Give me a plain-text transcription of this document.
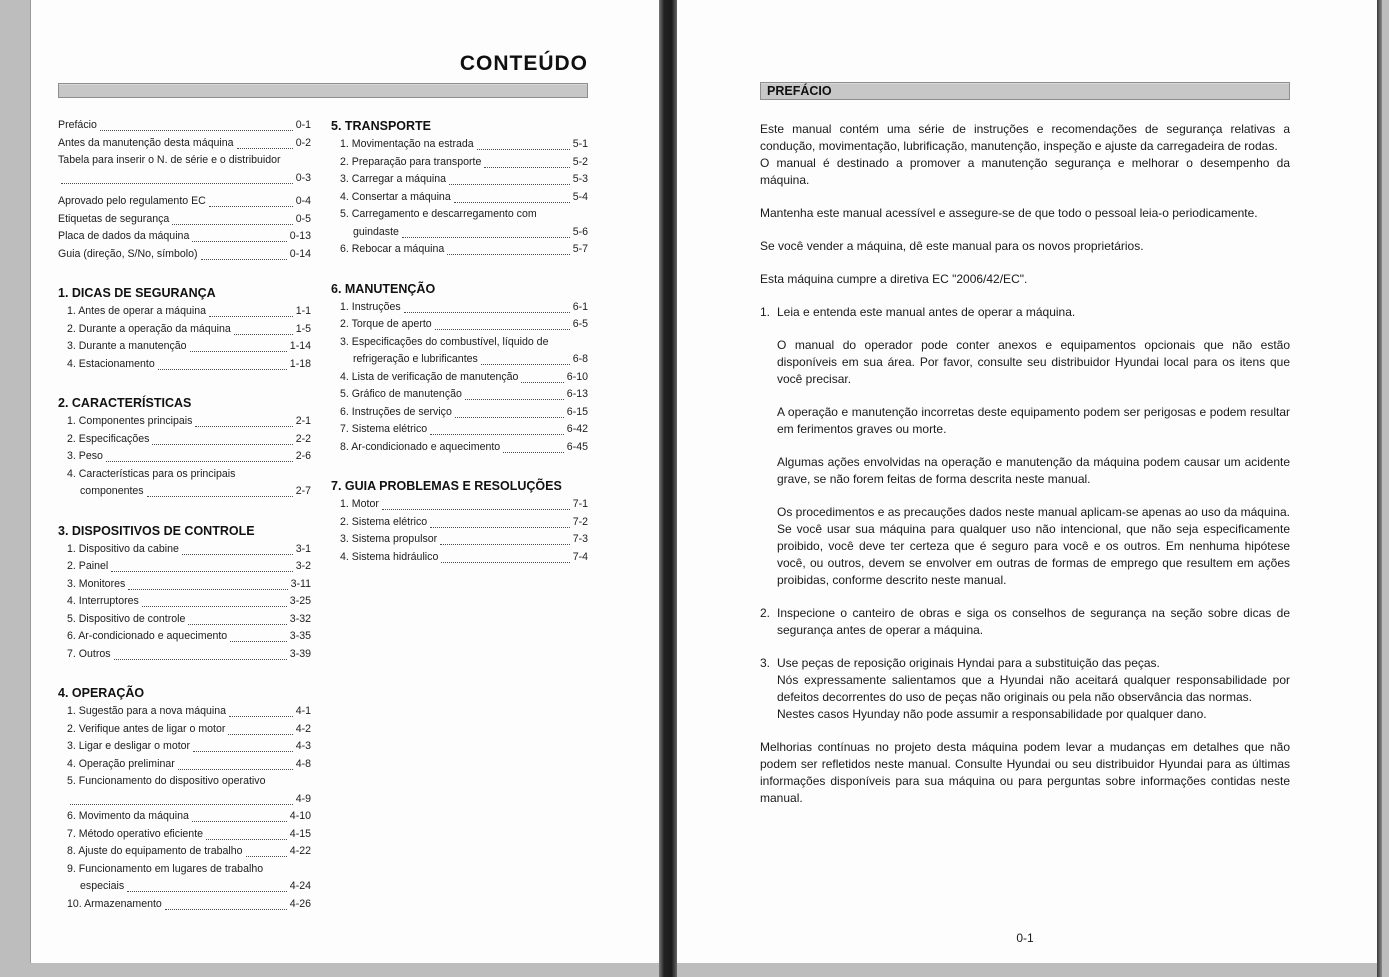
CONTEÚDO
Prefácio	0-1
Antes da manutenção desta máquina	0-2
Tabela para inserir o N. de série e o distribuidor
0-3
Aprovado pelo regulamento EC	0-4
Etiquetas de segurança	0-5
Placa de dados da máquina	0-13
Guia (direção, S/No, símbolo)	0-14
1. DICAS DE SEGURANÇA
1. Antes de operar a máquina	1-1
2. Durante a operação da máquina	1-5
3. Durante a manutenção	1-14
4. Estacionamento	1-18
2. CARACTERÍSTICAS
1. Componentes principais	2-1
2. Especificações	2-2
3. Peso	2-6
4. Características para os principais
componentes	2-7
3. DISPOSITIVOS DE CONTROLE
1. Dispositivo da cabine	3-1
2. Painel	3-2
3. Monitores	3-11
4. Interruptores	3-25
5. Dispositivo de controle	3-32
6. Ar-condicionado e aquecimento	3-35
7. Outros	3-39
4. OPERAÇÃO
1. Sugestão para a nova máquina	4-1
2. Verifique antes de ligar o motor	4-2
3. Ligar e desligar o motor	4-3
4. Operação preliminar	4-8
5. Funcionamento do dispositivo operativo
4-9
6. Movimento da máquina	4-10
7. Método operativo eficiente	4-15
8. Ajuste do equipamento de trabalho	4-22
9. Funcionamento em lugares de trabalho
especiais	4-24
10. Armazenamento	4-26
5. TRANSPORTE
1. Movimentação na estrada	5-1
2. Preparação para transporte	5-2
3. Carregar a máquina	5-3
4. Consertar a máquina	5-4
5. Carregamento e descarregamento com
guindaste	5-6
6. Rebocar a máquina	5-7
6. MANUTENÇÃO
1. Instruções	6-1
2. Torque de aperto	6-5
3. Especificações do combustível, líquido de
refrigeração e lubrificantes	6-8
4. Lista de verificação de manutenção	6-10
5. Gráfico de manutenção	6-13
6. Instruções de serviço	6-15
7. Sistema elétrico	6-42
8. Ar-condicionado e aquecimento	6-45
7. GUIA PROBLEMAS E RESOLUÇÕES
1. Motor	7-1
2. Sistema elétrico	7-2
3. Sistema propulsor	7-3
4. Sistema hidráulico	7-4
PREFÁCIO
Este manual contém uma série de instruções e recomendações de segurança relativas a condução, movimentação, lubrificação, manutenção, inspeção e ajuste da carregadeira de rodas.
O manual é destinado a promover a manutenção segurança e melhorar o desempenho da máquina.
Mantenha este manual acessível e assegure-se de que todo o pessoal leia-o periodicamente.
Se você vender a máquina, dê este manual para os novos proprietários.
Esta máquina cumpre a diretiva EC "2006/42/EC".
1. Leia e entenda este manual antes de operar a máquina.
O manual do operador pode conter anexos e equipamentos opcionais que não estão disponíveis em sua área. Por favor, consulte seu distribuidor Hyundai local para os itens que você precisar.
A operação e manutenção incorretas deste equipamento podem ser perigosas e podem resultar em ferimentos graves ou morte.
Algumas ações envolvidas na operação e manutenção da máquina podem causar um acidente grave, se não forem feitas de forma descrita neste manual.
Os procedimentos e as precauções dados neste manual aplicam-se apenas ao uso da máquina.
Se você usar sua máquina para qualquer uso não intencional, que não seja especificamente proibido, você deve ter certeza que é seguro para você e os outros. Em nenhuma hipótese você, ou outros, devem se envolver em outras de formas de emprego que resultem em ações proibidas, conforme descrito neste manual.
2. Inspecione o canteiro de obras e siga os conselhos de segurança na seção sobre dicas de segurança antes de operar a máquina.
3. Use peças de reposição originais Hyndai para a substituição das peças.
Nós expressamente salientamos que a Hyundai não aceitará qualquer responsabilidade por defeitos decorrentes do uso de peças não originais ou pela não observância das normas.
Nestes casos Hyunday não pode assumir a responsabilidade por qualquer dano.
Melhorias contínuas no projeto desta máquina podem levar a mudanças em detalhes que não podem ser refletidos neste manual. Consulte Hyundai ou seu distribuidor Hyundai para as últimas informações disponíveis para sua máquina ou para perguntas sobre informações contidas neste manual.
0-1
